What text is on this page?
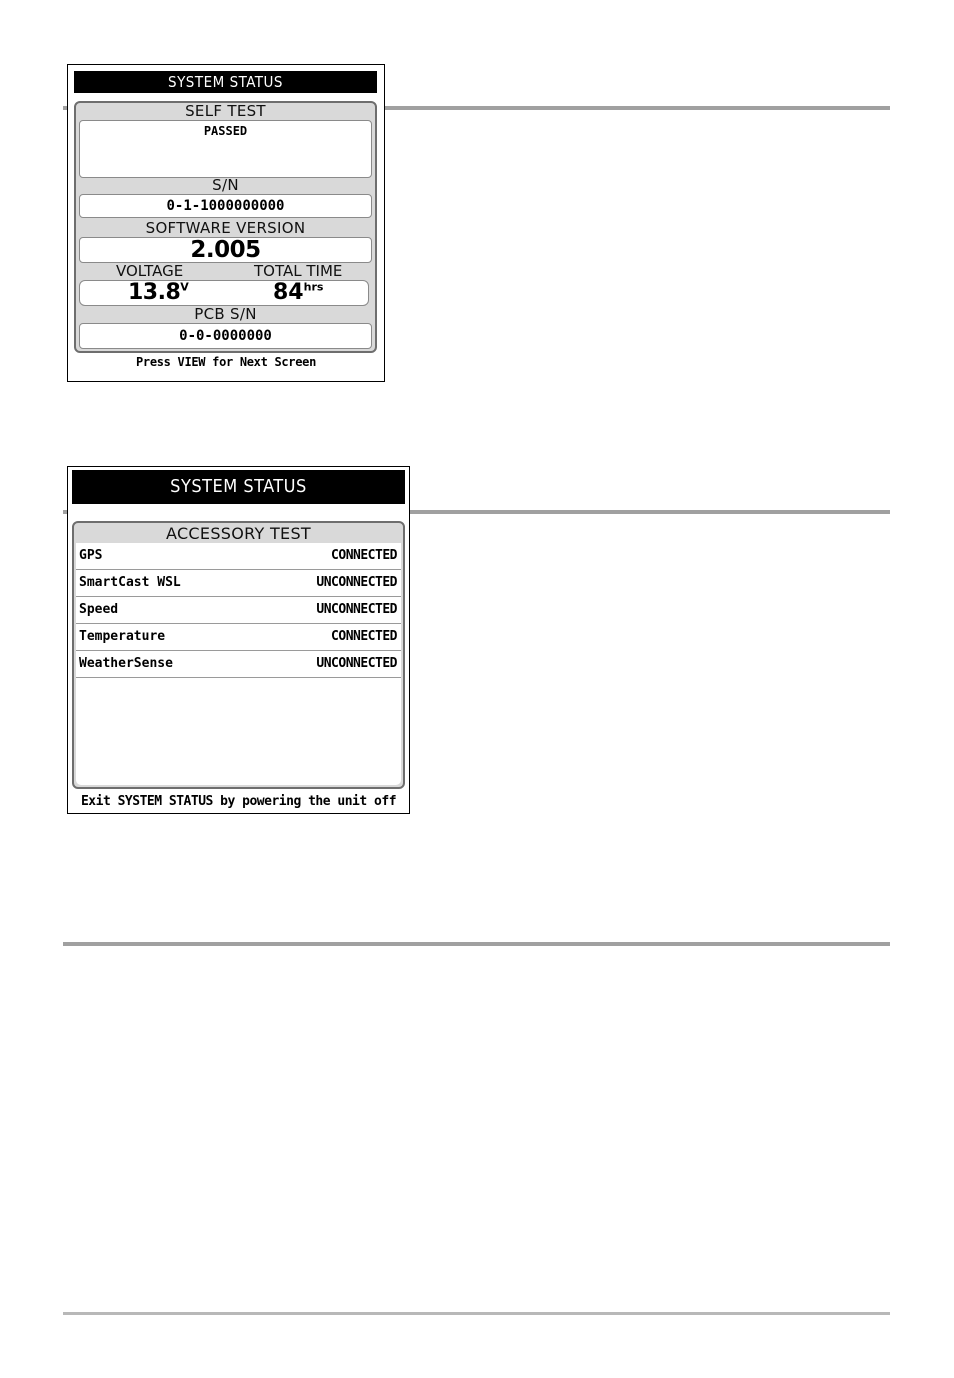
SYSTEM STATUS
SELF TEST
PASSED
S/N
0-1-1000000000
SOFTWARE VERSION
2.005
VOLTAGE	TOTAL TIME
$13.8^V$	$84^{hrs}$
PCB S/N
0-0-0000000
Press VIEW for Next Screen
SYSTEM STATUS
ACCESSORY TEST
GPS	CONNECTED
SmartCast WSL	UNCONNECTED
Speed	UNCONNECTED
Temperature	CONNECTED
WeatherSense	UNCONNECTED
Exit SYSTEM STATUS by powering the unit off
